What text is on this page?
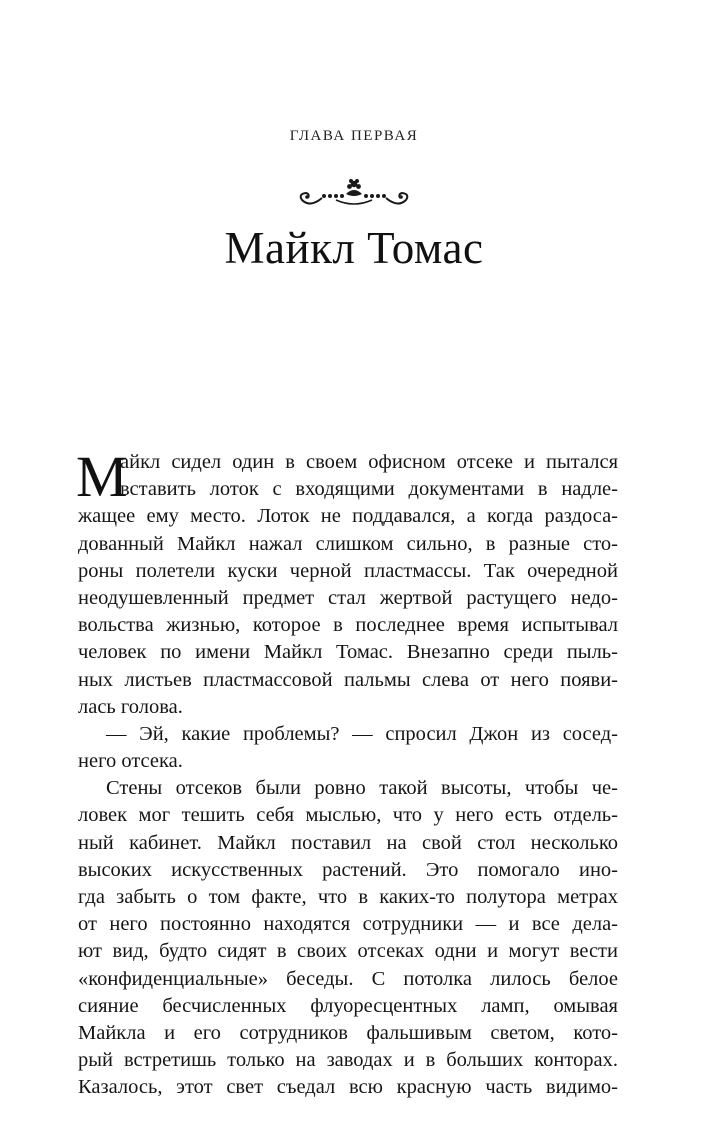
ГЛАВА ПЕРВАЯ
Майкл Томас
М
айкл сидел один в своем офисном отсеке и пытался
вставить лоток с входящими документами в надле-
жащее ему место. Лоток не поддавался, а когда раздоса-
дованный Майкл нажал слишком сильно, в разные сто-
роны полетели куски черной пластмассы. Так очередной
неодушевленный предмет стал жертвой растущего недо-
вольства жизнью, которое в последнее время испытывал
человек по имени Майкл Томас. Внезапно среди пыль-
ных листьев пластмассовой пальмы слева от него появи-
лась голова.
— Эй, какие проблемы? — спросил Джон из сосед-
него отсека.
Стены отсеков были ровно такой высоты, чтобы че-
ловек мог тешить себя мыслью, что у него есть отдель-
ный кабинет. Майкл поставил на свой стол несколько
высоких искусственных растений. Это помогало ино-
гда забыть о том факте, что в каких-то полутора метрах
от него постоянно находятся сотрудники — и все дела-
ют вид, будто сидят в своих отсеках одни и могут вести
«конфиденциальные» беседы. С потолка лилось белое
сияние бесчисленных флуоресцентных ламп, омывая
Майкла и его сотрудников фальшивым светом, кото-
рый встретишь только на заводах и в больших конторах.
Казалось, этот свет съедал всю красную часть видимо-
